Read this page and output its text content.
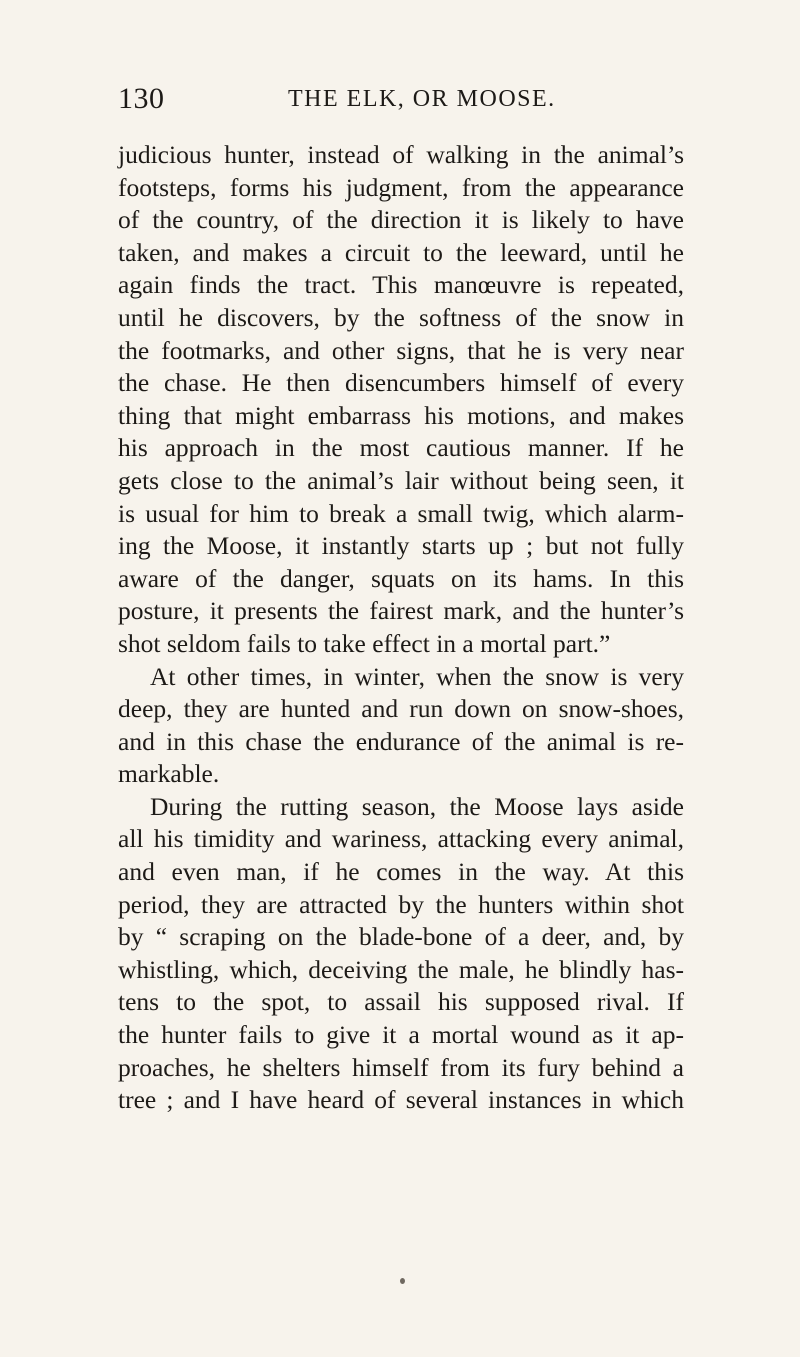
130	THE ELK, OR MOOSE.
judicious hunter, instead of walking in the animal’s
footsteps, forms his judgment, from the appearance
of the country, of the direction it is likely to have
taken, and makes a circuit to the leeward, until he
again finds the tract. This manœuvre is repeated,
until he discovers, by the softness of the snow in
the footmarks, and other signs, that he is very near
the chase. He then disencumbers himself of every
thing that might embarrass his motions, and makes
his approach in the most cautious manner. If he
gets close to the animal’s lair without being seen, it
is usual for him to break a small twig, which alarm-
ing the Moose, it instantly starts up ; but not fully
aware of the danger, squats on its hams. In this
posture, it presents the fairest mark, and the hunter’s
shot seldom fails to take effect in a mortal part.”
At other times, in winter, when the snow is very
deep, they are hunted and run down on snow-shoes,
and in this chase the endurance of the animal is re-
markable.
During the rutting season, the Moose lays aside
all his timidity and wariness, attacking every animal,
and even man, if he comes in the way. At this
period, they are attracted by the hunters within shot
by “ scraping on the blade-bone of a deer, and, by
whistling, which, deceiving the male, he blindly has-
tens to the spot, to assail his supposed rival. If
the hunter fails to give it a mortal wound as it ap-
proaches, he shelters himself from its fury behind a
tree ; and I have heard of several instances in which
